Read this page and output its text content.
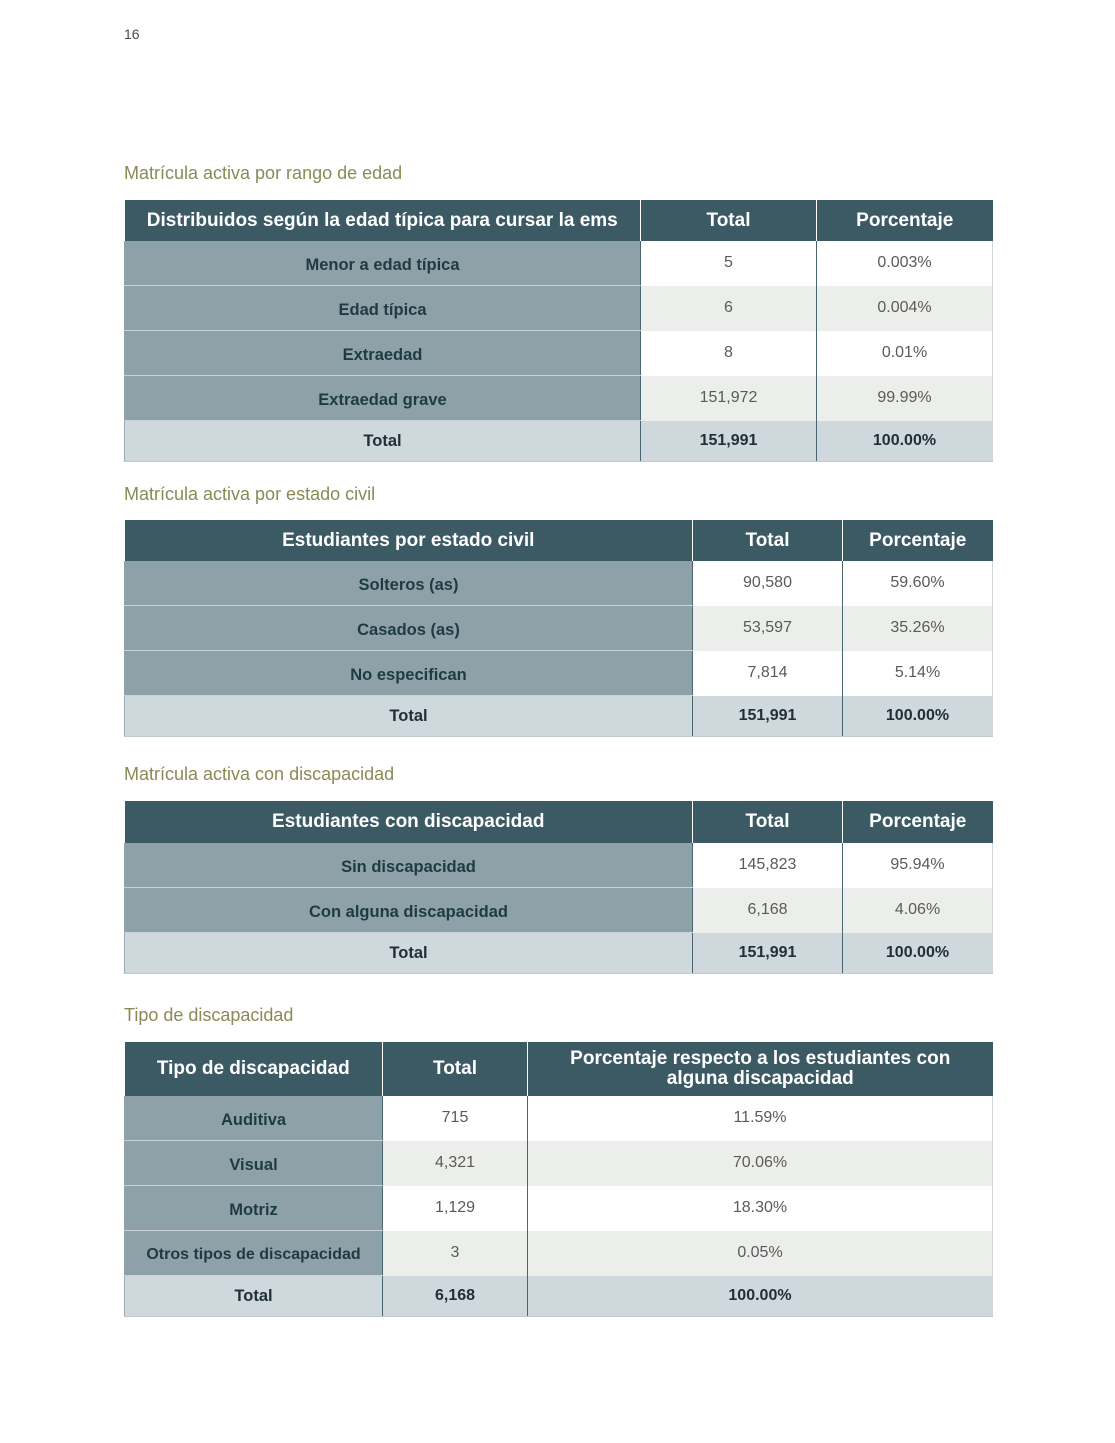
16
Matrícula activa por rango de edad
Distribuidos según la edad típica para cursar la ems	Total	Porcentaje
Menor a edad típica	5	0.003%
Edad típica	6	0.004%
Extraedad	8	0.01%
Extraedad grave	151,972	99.99%
Total	151,991	100.00%
Matrícula activa por estado civil
Estudiantes por estado civil	Total	Porcentaje
Solteros (as)	90,580	59.60%
Casados (as)	53,597	35.26%
No especifican	7,814	5.14%
Total	151,991	100.00%
Matrícula activa con discapacidad
Estudiantes con discapacidad	Total	Porcentaje
Sin discapacidad	145,823	95.94%
Con alguna discapacidad	6,168	4.06%
Total	151,991	100.00%
Tipo de discapacidad
Tipo de discapacidad	Total	Porcentaje respecto a los estudiantes con alguna discapacidad
Auditiva	715	11.59%
Visual	4,321	70.06%
Motriz	1,129	18.30%
Otros tipos de discapacidad	3	0.05%
Total	6,168	100.00%
